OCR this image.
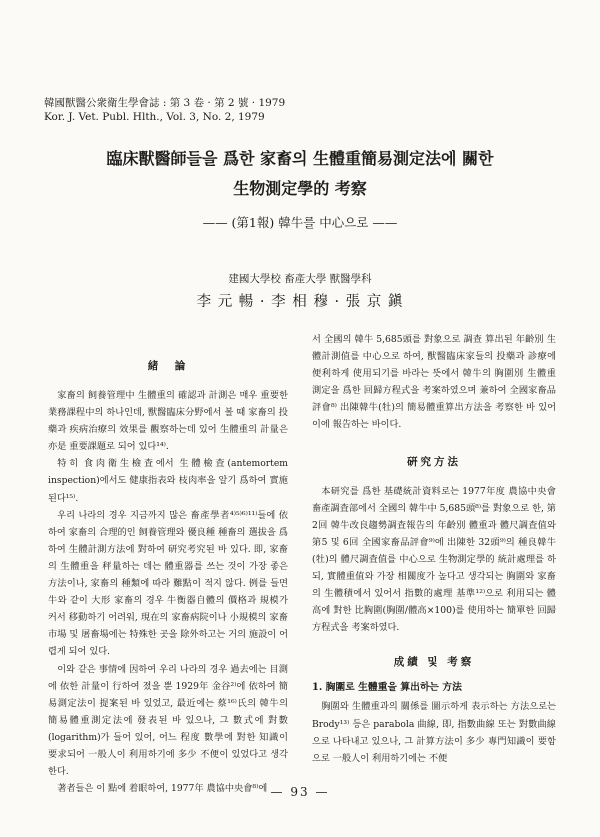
韓國獸醫公衆衛生學會誌 : 第 3 卷 · 第 2 號 · 1979
Kor. J. Vet. Publ. Hlth., Vol. 3, No. 2, 1979
臨床獸醫師들을 爲한 家畜의 生體重簡易測定法에 關한
生物測定學的 考察
—— (第1報) 韓牛를 中心으로 ——
建國大學校 畜產大學 獸醫學科
李 元 暢 · 李 相 穆 · 張 京 鎭
緒　論

家畜의 飼養管理中 生體重의 確認과 計測은 매우 重要한 業務課程中의 하나인데, 獸醫臨床分野에서 볼 때 家畜의 投藥과 疾病治療의 效果를 觀察하는데 있어 生體重의 計量은 亦是 重要課題로 되어 있다¹⁴⁾.

特히 食肉衛生檢査에서 生體檢査(antemortem inspection)에서도 健康指表와 枝肉率을 알기 爲하여 實施된다¹⁵⁾.

우리 나라의 경우 지금까지 많은 畜產學者⁴⁾⁵⁾⁶⁾¹¹⁾들에 依하여 家畜의 合理的인 飼養管理와 優良種 種畜의 選拔을 爲하여 生體計測方法에 對하여 研究考究된 바 있다. 即, 家畜의 生體重을 秤量하는 데는 體重器를 쓰는 것이 가장 좋은 方法이나, 家畜의 種類에 따라 難點이 적지 않다. 例를 들면 牛와 같이 大形 家畜의 경우 牛衡器自體의 價格과 規模가 커서 移動하기 어려워, 現在의 家畜病院이나 小規模의 家畜市場 및 屠畜場에는 特殊한 곳을 除外하고는 거의 施設이 어렵게 되어 있다.

이와 같은 事情에 因하여 우리 나라의 경우 過去에는 目測에 依한 計量이 行하여 졌을 뿐 1929年 金谷²⁾에 依하여 簡易測定法이 提案된 바 있었고, 最近에는 蔡¹⁶⁾氏의 韓牛의 簡易體重測定法에 發表된 바 있으나, 그 數式에 對數(logarithm)가 들어 있어, 어느 程度 數學에 對한 知識이 要求되어 一般人이 利用하기에 多少 不便이 있었다고 생각한다.

著者들은 이 點에 着眼하여, 1977年 農協中央會⁸⁾에

서 全國의 韓牛 5,685頭를 對象으로 調查 算出된 年齡別 生體計測值를 中心으로 하여, 獸醫臨床家들의 投藥과 診療에 便利하게 使用되기를 바라는 뜻에서 韓牛의 胸圍別 生體重 測定을 爲한 回歸方程式을 考案하였으며 兼하여 全國家畜品評會⁸⁾ 出陳韓牛(牡)의 簡易體重算出方法을 考察한 바 있어 이에 報告하는 바이다.

硏究方法

本研究를 爲한 基礎統計資料로는 1977年度 農協中央會 畜產調査部에서 全國의 韓牛中 5,685頭⁸⁾를 對象으로 한, 第2回 韓牛改良趨勢調査報告의 年齡別 體重과 體尺調査值와 第5 및 6回 全國家畜品評會⁹⁾에 出陳한 32頭⁹⁾의 種良韓牛(牡)의 體尺調査值를 中心으로 生物測定學的 統計處理를 하되, 實體重值와 가장 相關度가 높다고 생각되는 胸圍와 家畜의 生體積에서 있어서 指數的處理 基準¹²⁾으로 利用되는 體高에 對한 比胸圍(胸圍/體高×100)를 使用하는 簡單한 回歸方程式을 考案하였다.

成績 및 考察
1. 胸圍로 生體重을 算出하는 方法

胸圍와 生體重과의 關係를 圖示하게 表示하는 方法으로는 Brody¹³⁾ 등은 parabola 曲線, 即, 指數曲線 또는 對數曲線으로 나타내고 있으나, 그 計算方法이 多少 專門知識이 要함으로 一般人이 利用하기에는 不便

— 93 —
